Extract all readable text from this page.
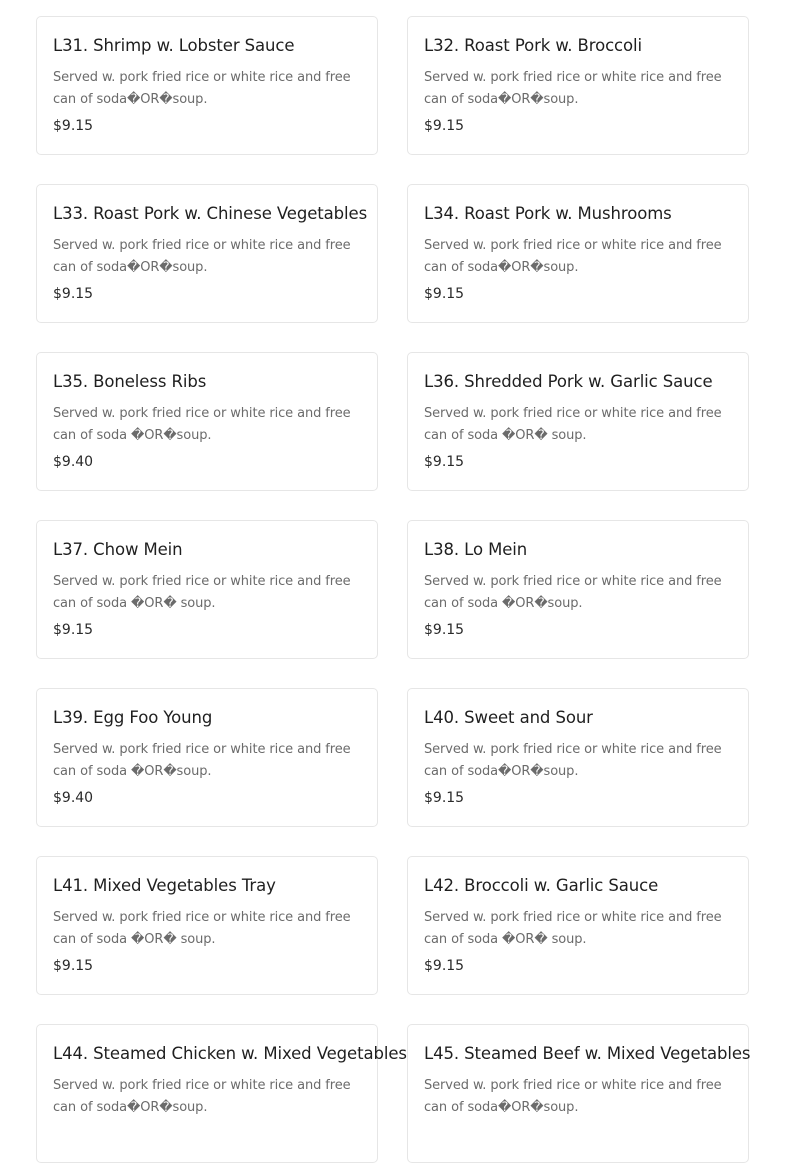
L31. Shrimp w. Lobster Sauce
Served w. pork fried rice or white rice and free can of soda�OR�soup.
$9.15
L32. Roast Pork w. Broccoli
Served w. pork fried rice or white rice and free can of soda�OR�soup.
$9.15
L33. Roast Pork w. Chinese Vegetables
Served w. pork fried rice or white rice and free can of soda�OR�soup.
$9.15
L34. Roast Pork w. Mushrooms
Served w. pork fried rice or white rice and free can of soda�OR�soup.
$9.15
L35. Boneless Ribs
Served w. pork fried rice or white rice and free can of soda �OR�soup.
$9.40
L36. Shredded Pork w. Garlic Sauce
Served w. pork fried rice or white rice and free can of soda �OR� soup.
$9.15
L37. Chow Mein
Served w. pork fried rice or white rice and free can of soda �OR� soup.
$9.15
L38. Lo Mein
Served w. pork fried rice or white rice and free can of soda �OR�soup.
$9.15
L39. Egg Foo Young
Served w. pork fried rice or white rice and free can of soda �OR�soup.
$9.40
L40. Sweet and Sour
Served w. pork fried rice or white rice and free can of soda�OR�soup.
$9.15
L41. Mixed Vegetables Tray
Served w. pork fried rice or white rice and free can of soda �OR� soup.
$9.15
L42. Broccoli w. Garlic Sauce
Served w. pork fried rice or white rice and free can of soda �OR� soup.
$9.15
L44. Steamed Chicken w. Mixed Vegetables
Served w. pork fried rice or white rice and free can of soda�OR�soup.
L45. Steamed Beef w. Mixed Vegetables
Served w. pork fried rice or white rice and free can of soda�OR�soup.
